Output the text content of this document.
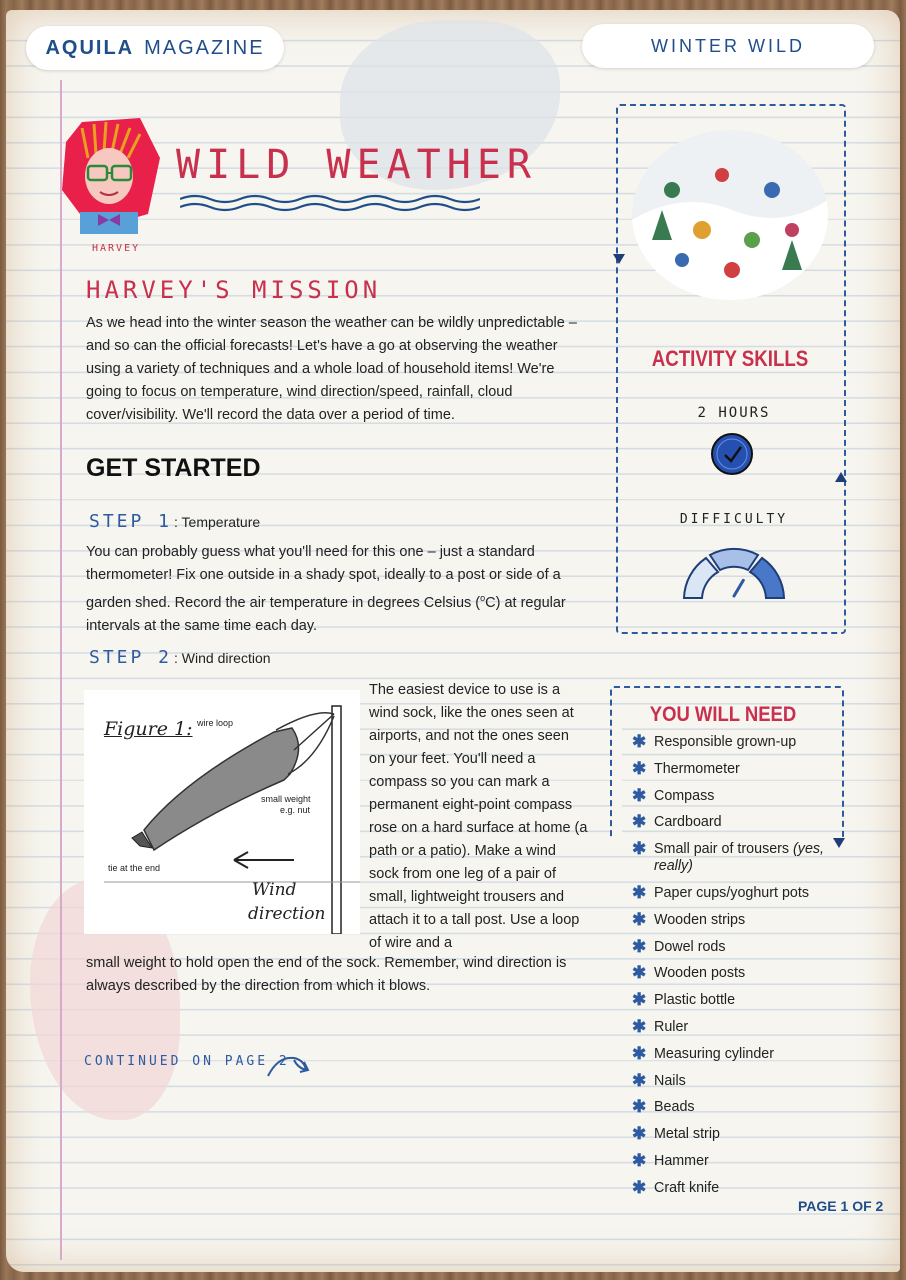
AQUILA MAGAZINE	WINTER WILD
HARVEY
WILD WEATHER
HARVEY'S MISSION
As we head into the winter season the weather can be wildly unpredictable – and so can the official forecasts! Let's have a go at observing the weather using a variety of techniques and a whole load of household items! We're going to focus on temperature, wind direction/speed, rainfall, cloud cover/visibility. We'll record the data over a period of time.
GET STARTED
STEP 1 : Temperature
You can probably guess what you'll need for this one – just a standard thermometer! Fix one outside in a shady spot, ideally to a post or side of a garden shed. Record the air temperature in degrees Celsius ($^o$C) at regular intervals at the same time each day.
STEP 2 : Wind direction
Figure 1: wire loop
small weight
e.g. nut
tie at the end
Wind
direction
The easiest device to use is a wind sock, like the ones seen at airports, and not the ones seen on your feet. You'll need a compass so you can mark a permanent eight-point compass rose on a hard surface at home (a path or a patio). Make a wind sock from one leg of a pair of small, lightweight trousers and attach it to a tall post. Use a loop of wire and a
small weight to hold open the end of the sock. Remember, wind direction is always described by the direction from which it blows.
CONTINUED ON PAGE 2
ACTIVITY SKILLS
2 HOURS
DIFFICULTY
YOU WILL NEED
✱ Responsible grown-up
✱ Thermometer
✱ Compass
✱ Cardboard
✱ Small pair of trousers (yes, really)
✱ Paper cups/yoghurt pots
✱ Wooden strips
✱ Dowel rods
✱ Wooden posts
✱ Plastic bottle
✱ Ruler
✱ Measuring cylinder
✱ Nails
✱ Beads
✱ Metal strip
✱ Hammer
✱ Craft knife
PAGE 1 OF 2
